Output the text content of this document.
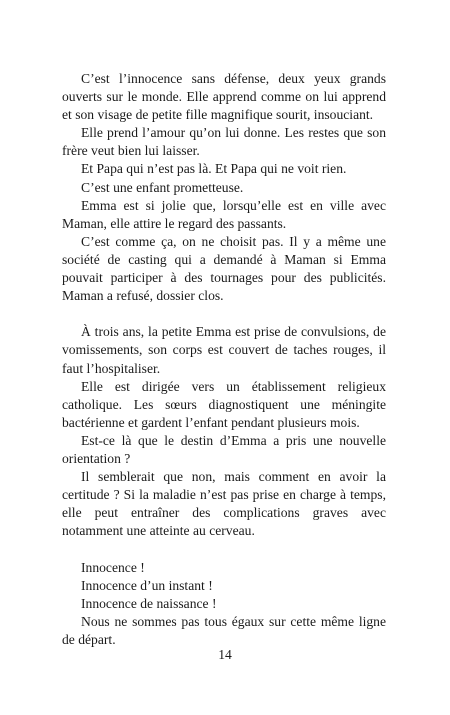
C’est l’innocence sans défense, deux yeux grands ouverts sur le monde. Elle apprend comme on lui apprend et son visage de petite fille magnifique sourit, insouciant.

Elle prend l’amour qu’on lui donne. Les restes que son frère veut bien lui laisser.

Et Papa qui n’est pas là. Et Papa qui ne voit rien.

C’est une enfant prometteuse.

Emma est si jolie que, lorsqu’elle est en ville avec Maman, elle attire le regard des passants.

C’est comme ça, on ne choisit pas. Il y a même une société de casting qui a demandé à Maman si Emma pouvait participer à des tournages pour des publicités. Maman a refusé, dossier clos.

À trois ans, la petite Emma est prise de convulsions, de vomissements, son corps est couvert de taches rouges, il faut l’hospitaliser.

Elle est dirigée vers un établissement religieux catholique. Les sœurs diagnostiquent une méningite bactérienne et gardent l’enfant pendant plusieurs mois.

Est-ce là que le destin d’Emma a pris une nouvelle orientation ?

Il semblerait que non, mais comment en avoir la certitude ? Si la maladie n’est pas prise en charge à temps, elle peut entraîner des complications graves avec notamment une atteinte au cerveau.

Innocence !

Innocence d’un instant !

Innocence de naissance !

Nous ne sommes pas tous égaux sur cette même ligne de départ.

14
